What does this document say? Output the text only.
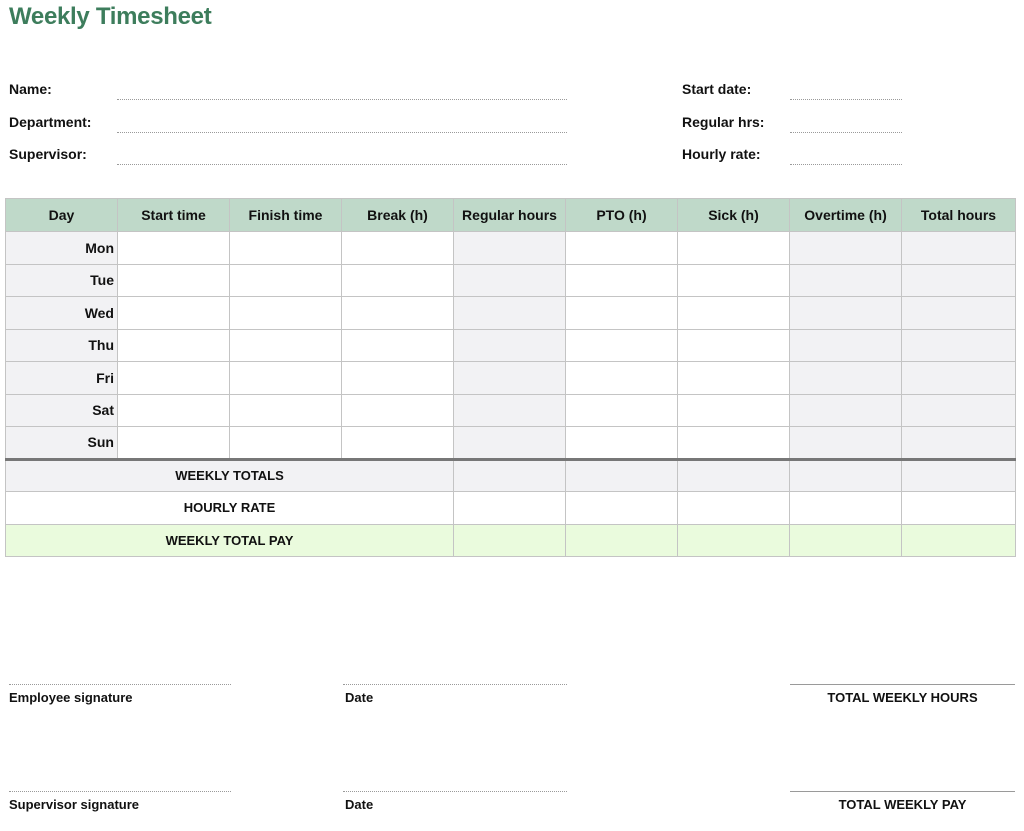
Weekly Timesheet
Name:
Department:
Supervisor:
Start date:
Regular hrs:
Hourly rate:
Day	Start time	Finish time	Break (h)	Regular hours	PTO (h)	Sick (h)	Overtime (h)	Total hours
Mon								
Tue								
Wed								
Thu								
Fri								
Sat								
Sun								
WEEKLY TOTALS								
HOURLY RATE								
WEEKLY TOTAL PAY								
Employee signature	Date	TOTAL WEEKLY HOURS
Supervisor signature	Date	TOTAL WEEKLY PAY
